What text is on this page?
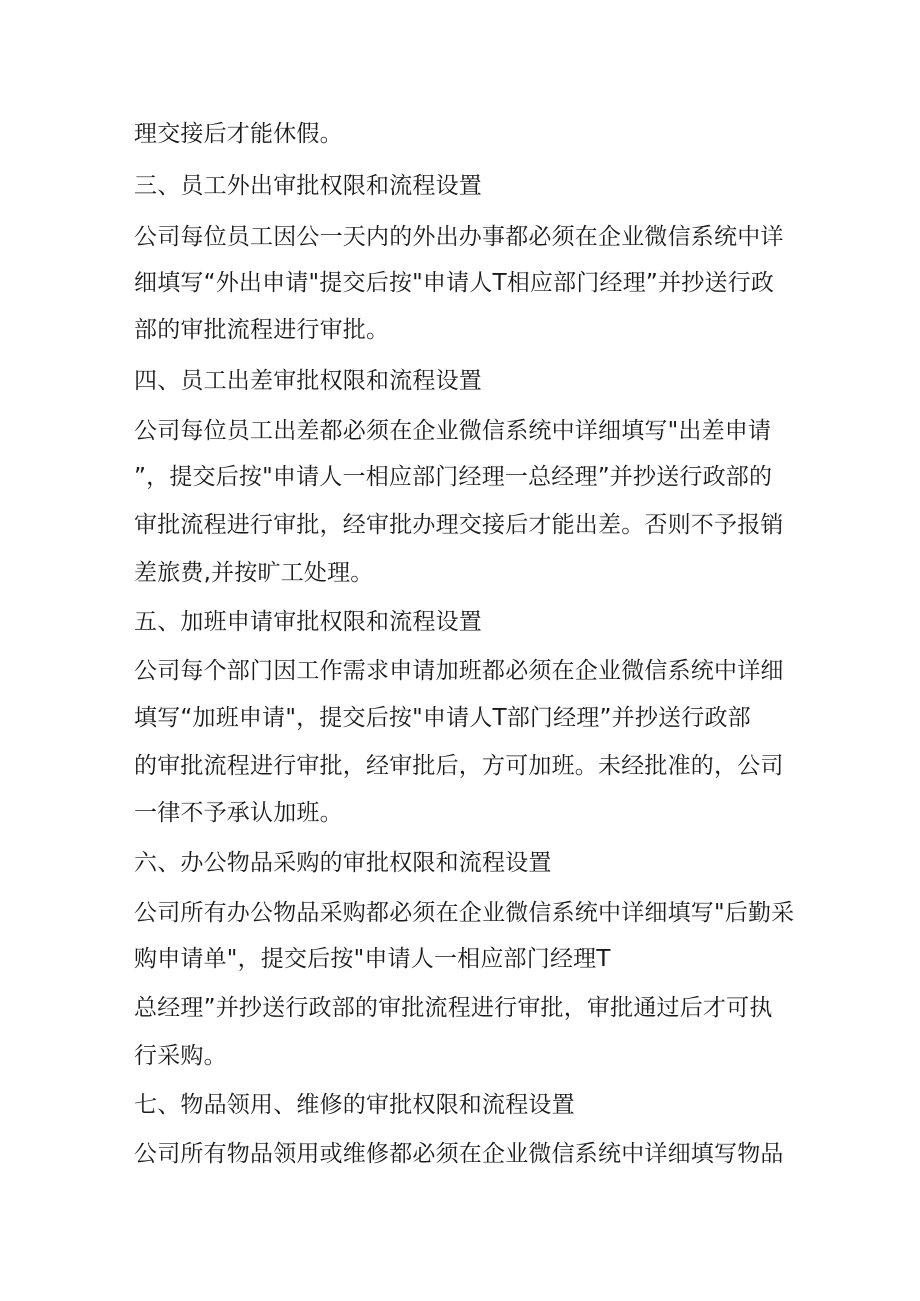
理交接后才能休假。
三、员工外出审批权限和流程设置
公司每位员工因公一天内的外出办事都必须在企业微信系统中详
细填写“外出申请"提交后按"申请人T相应部门经理”并抄送行政
部的审批流程进行审批。
四、员工出差审批权限和流程设置
公司每位员工出差都必须在企业微信系统中详细填写"出差申请
”，提交后按"申请人一相应部门经理一总经理”并抄送行政部的
审批流程进行审批，经审批办理交接后才能出差。否则不予报销
差旅费,并按旷工处理。
五、加班申请审批权限和流程设置
公司每个部门因工作需求申请加班都必须在企业微信系统中详细
填写“加班申请"，提交后按"申请人T部门经理”并抄送行政部
的审批流程进行审批，经审批后，方可加班。未经批准的，公司
一律不予承认加班。
六、办公物品采购的审批权限和流程设置
公司所有办公物品采购都必须在企业微信系统中详细填写"后勤采
购申请单"，提交后按"申请人一相应部门经理T
总经理”并抄送行政部的审批流程进行审批，审批通过后才可执
行采购。
七、物品领用、维修的审批权限和流程设置
公司所有物品领用或维修都必须在企业微信系统中详细填写物品
